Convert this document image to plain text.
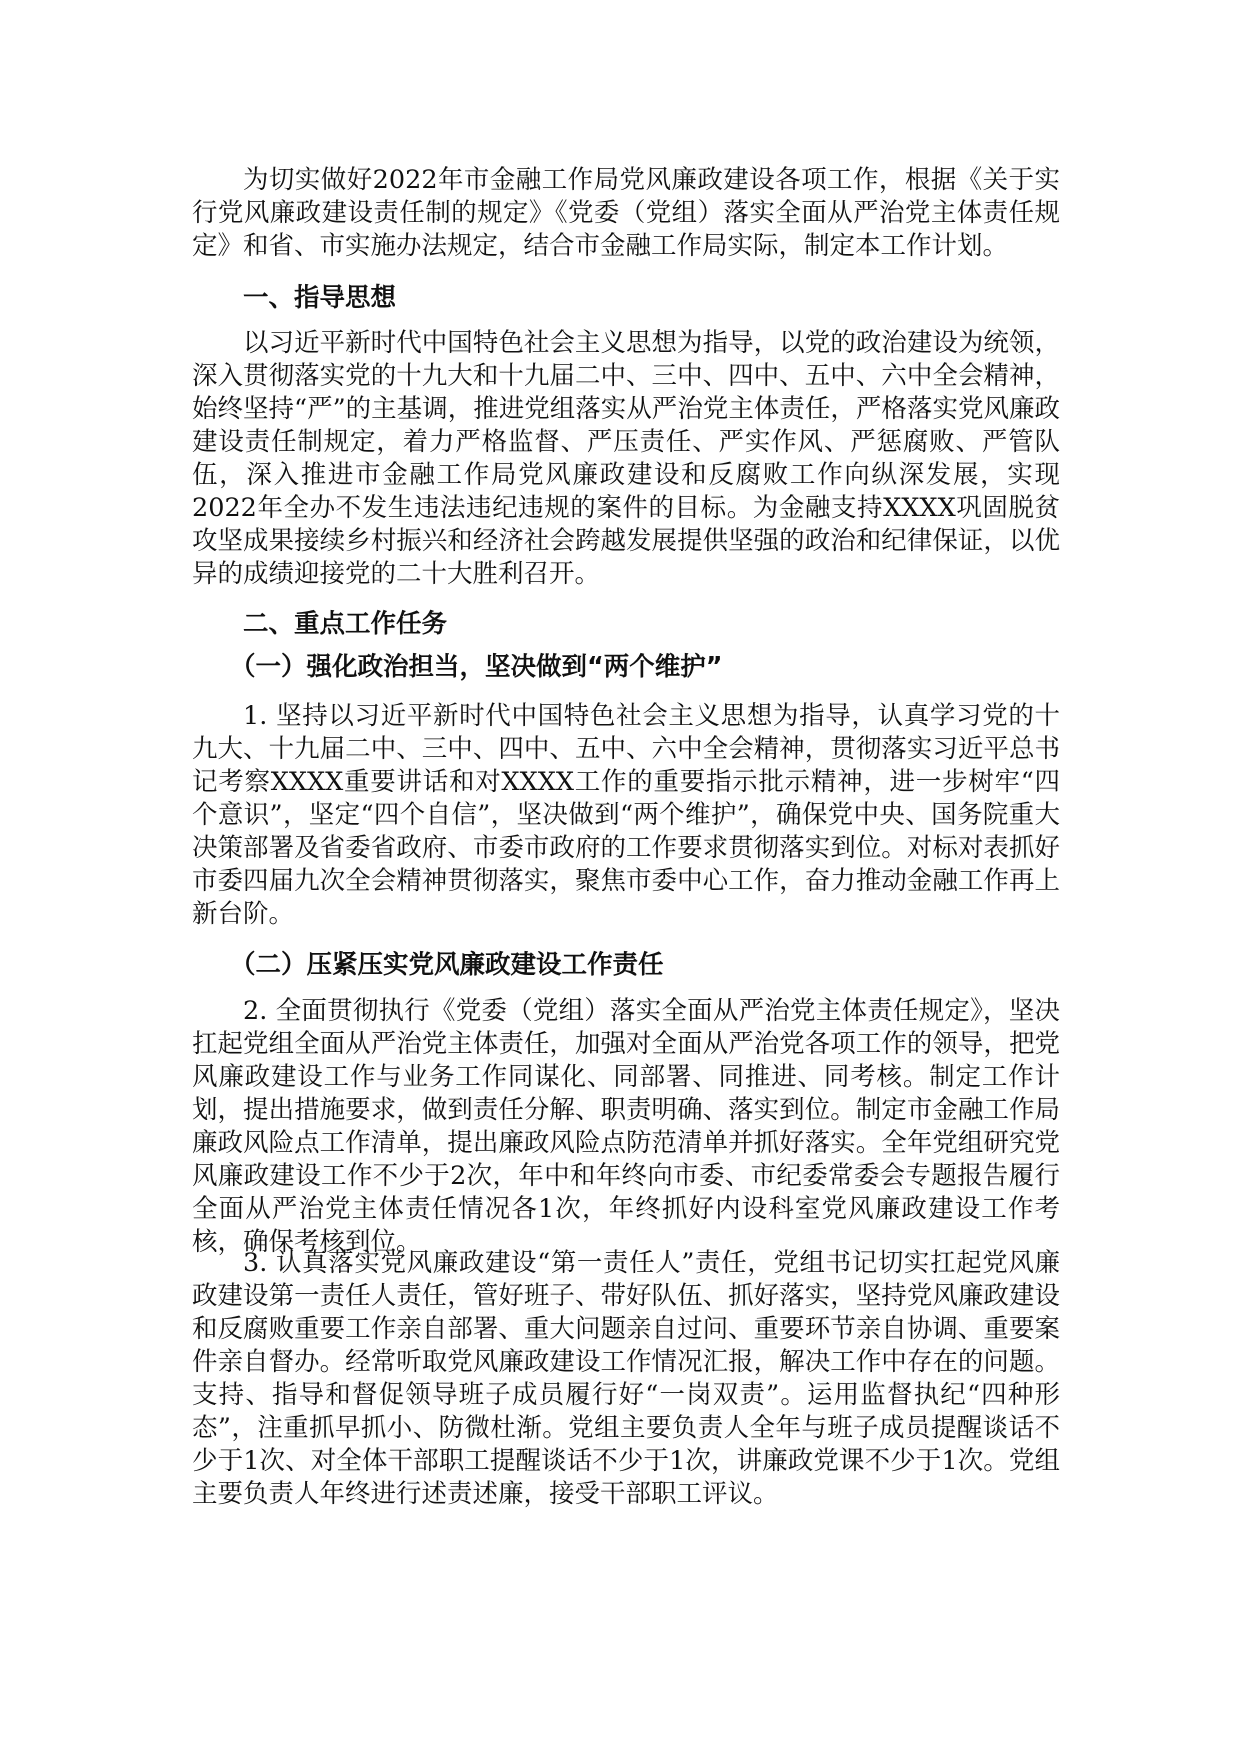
为切实做好2022年市金融工作局党风廉政建设各项工作，根据《关于实行党风廉政建设责任制的规定》《党委（党组）落实全面从严治党主体责任规定》和省、市实施办法规定，结合市金融工作局实际，制定本工作计划。

一、指导思想

以习近平新时代中国特色社会主义思想为指导，以党的政治建设为统领，深入贯彻落实党的十九大和十九届二中、三中、四中、五中、六中全会精神，始终坚持“严”的主基调，推进党组落实从严治党主体责任，严格落实党风廉政建设责任制规定，着力严格监督、严压责任、严实作风、严惩腐败、严管队伍，深入推进市金融工作局党风廉政建设和反腐败工作向纵深发展，实现2022年全办不发生违法违纪违规的案件的目标。为金融支持XXXX巩固脱贫攻坚成果接续乡村振兴和经济社会跨越发展提供坚强的政治和纪律保证，以优异的成绩迎接党的二十大胜利召开。

二、重点工作任务

（一）强化政治担当，坚决做到“两个维护”

1. 坚持以习近平新时代中国特色社会主义思想为指导，认真学习党的十九大、十九届二中、三中、四中、五中、六中全会精神，贯彻落实习近平总书记考察XXXX重要讲话和对XXXX工作的重要指示批示精神，进一步树牢“四个意识”，坚定“四个自信”，坚决做到“两个维护”，确保党中央、国务院重大决策部署及省委省政府、市委市政府的工作要求贯彻落实到位。对标对表抓好市委四届九次全会精神贯彻落实，聚焦市委中心工作，奋力推动金融工作再上新台阶。

（二）压紧压实党风廉政建设工作责任

2. 全面贯彻执行《党委（党组）落实全面从严治党主体责任规定》，坚决扛起党组全面从严治党主体责任，加强对全面从严治党各项工作的领导，把党风廉政建设工作与业务工作同谋化、同部署、同推进、同考核。制定工作计划，提出措施要求，做到责任分解、职责明确、落实到位。制定市金融工作局廉政风险点工作清单，提出廉政风险点防范清单并抓好落实。全年党组研究党风廉政建设工作不少于2次，年中和年终向市委、市纪委常委会专题报告履行全面从严治党主体责任情况各1次，年终抓好内设科室党风廉政建设工作考核，确保考核到位。

3. 认真落实党风廉政建设“第一责任人”责任，党组书记切实扛起党风廉政建设第一责任人责任，管好班子、带好队伍、抓好落实，坚持党风廉政建设和反腐败重要工作亲自部署、重大问题亲自过问、重要环节亲自协调、重要案件亲自督办。经常听取党风廉政建设工作情况汇报，解决工作中存在的问题。支持、指导和督促领导班子成员履行好“一岗双责”。运用监督执纪“四种形态”，注重抓早抓小、防微杜渐。党组主要负责人全年与班子成员提醒谈话不少于1次、对全体干部职工提醒谈话不少于1次，讲廉政党课不少于1次。党组主要负责人年终进行述责述廉，接受干部职工评议。
